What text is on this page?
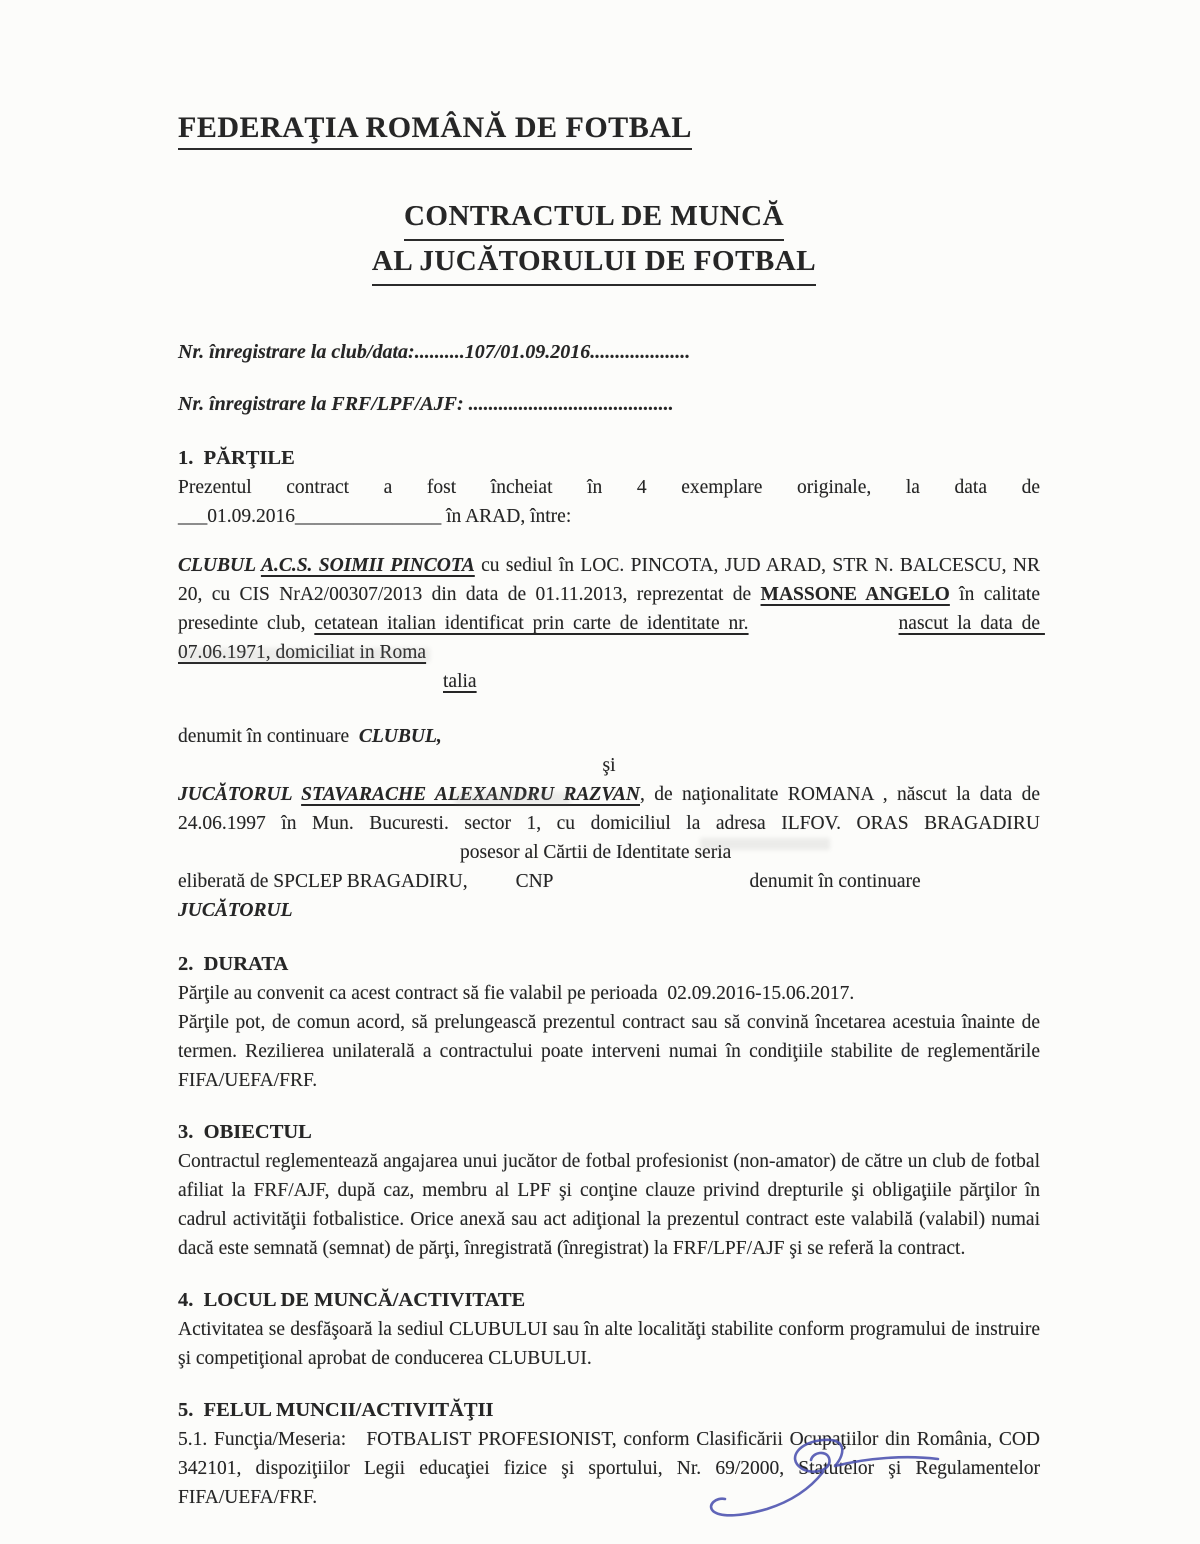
FEDERAŢIA ROMÂNĂ DE FOTBAL
CONTRACTUL DE MUNCĂ
AL JUCĂTORULUI DE FOTBAL

Nr. înregistrare la club/data:..........107/01.09.2016....................

Nr. înregistrare la FRF/LPF/AJF: .........................................

1.  PĂRŢILE

Prezentul contract a fost încheiat în 4 exemplare originale, la data de

___01.09.2016_______________ în ARAD, între:

CLUBUL A.C.S. SOIMII PINCOTA cu sediul în LOC. PINCOTA, JUD ARAD, STR N. BALCESCU, NR 20, cu CIS NrA2/00307/2013 din data de 01.11.2013, reprezentat de MASSONE ANGELO în calitate presedinte club, cetatean italian identificat prin carte de identitate nr.	nascut la data de 07.06.1971, domiciliat in Roma

talia

denumit în continuare  CLUBUL,

şi

JUCĂTORUL STAVARACHE ALEXANDRU RAZVAN, de naţionalitate ROMANA , născut la data de 24.06.1997 în Mun. Bucuresti. sector 1, cu domiciliul la adresa ILFOV. ORAS BRAGADIRUposesor al Cărtii de Identitate seria
eliberată de SPCLEP BRAGADIRU, CNP	denumit în continuare
JUCĂTORUL

2.  DURATA

Părţile au convenit ca acest contract să fie valabil pe perioada  02.09.2016-15.06.2017.

Părţile pot, de comun acord, să prelungească prezentul contract sau să convină încetarea acestuia înainte de termen. Rezilierea unilaterală a contractului poate interveni numai în condiţiile stabilite de reglementările FIFA/UEFA/FRF.

3.  OBIECTUL

Contractul reglementează angajarea unui jucător de fotbal profesionist (non-amator) de către un club de fotbal afiliat la FRF/AJF, după caz, membru al LPF şi conţine clauze privind drepturile şi obligaţiile părţilor în cadrul activităţii fotbalistice. Orice anexă sau act adiţional la prezentul contract este valabilă (valabil) numai dacă este semnată (semnat) de părţi, înregistrată (înregistrat) la FRF/LPF/AJF şi se referă la contract.

4.  LOCUL DE MUNCĂ/ACTIVITATE

Activitatea se desfăşoară la sediul CLUBULUI sau în alte localităţi stabilite conform programului de instruire şi competiţional aprobat de conducerea CLUBULUI.

5.  FELUL MUNCII/ACTIVITĂŢII

5.1. Funcţia/Meseria:   FOTBALIST PROFESIONIST, conform Clasificării Ocupaţiilor din România, COD 342101, dispoziţiilor Legii educaţiei fizice şi sportului, Nr. 69/2000, Statutelor şi Regulamentelor FIFA/UEFA/FRF.
